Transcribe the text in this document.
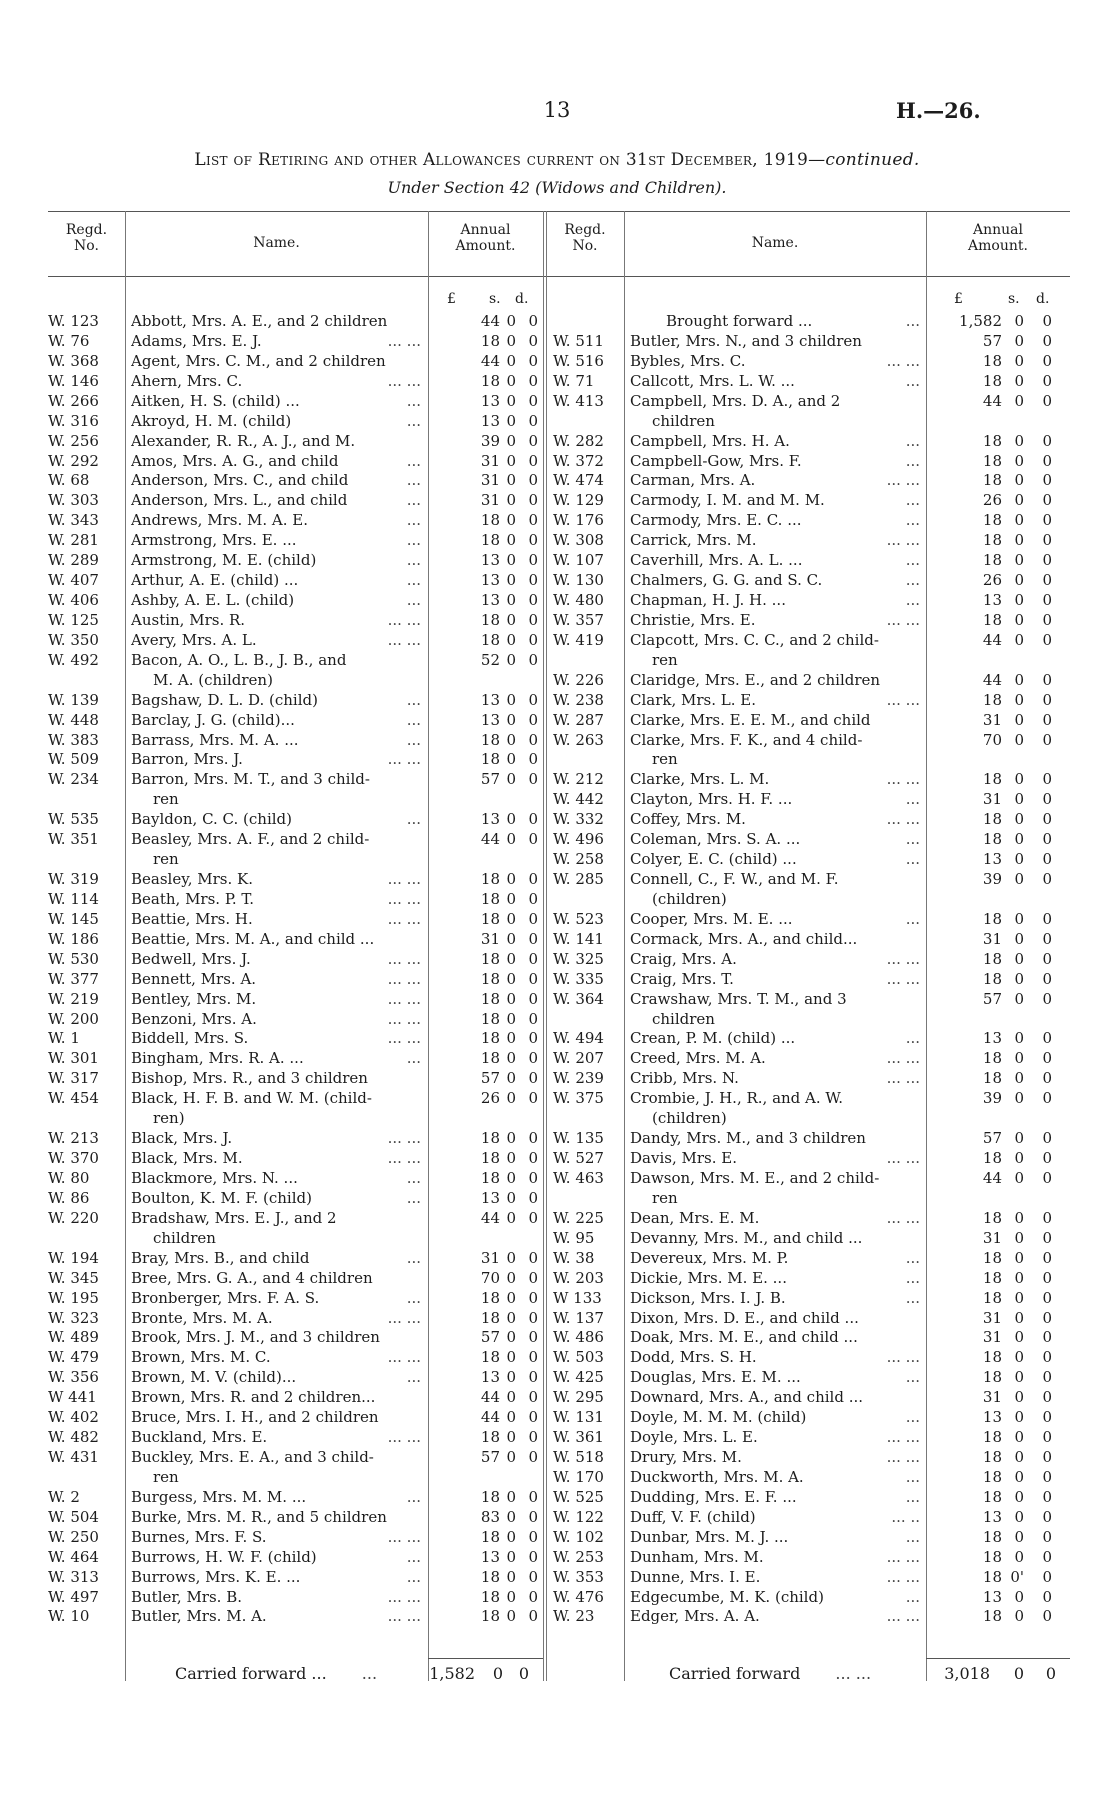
13	H.—26.
List of Retiring and other Allowances current on 31st December, 1919—continued.
Under Section 42 (Widows and Children).
Regd.
No.	Name.
Annual
Amount.
Regd.
No.	Name.
Annual
Amount.
£ s. d.	£	s. d.
W. 123 Abbott, Mrs. A. E., and 2 children	44 0 0
W. 76	Adams, Mrs. E. J.	... ...	18 0 0
W. 368 Agent, Mrs. C. M., and 2 children	44 0 0
W. 146 Ahern, Mrs. C.	... ...	18 0 0
W. 266 Aitken, H. S. (child) ...	...	13 0 0
W. 316 Akroyd, H. M. (child)	...	13 0 0
W. 256 Alexander, R. R., A. J., and M.	39 0 0
W. 292 Amos, Mrs. A. G., and child	...	31 0 0
W. 68	Anderson, Mrs. C., and child	...	31 0 0
W. 303 Anderson, Mrs. L., and child	...	31 0 0
W. 343 Andrews, Mrs. M. A. E.	...	18 0 0
W. 281 Armstrong, Mrs. E. ...	...	18 0 0
W. 289 Armstrong, M. E. (child)	...	13 0 0
W. 407 Arthur, A. E. (child) ...	...	13 0 0
W. 406 Ashby, A. E. L. (child)	...	13 0 0
W. 125 Austin, Mrs. R.	... ...	18 0 0
W. 350 Avery, Mrs. A. L.	... ...	18 0 0
W. 492 Bacon, A. O., L. B., J. B., and	52 0 0
M. A. (children)
W. 139 Bagshaw, D. L. D. (child)	...	13 0 0
W. 448 Barclay, J. G. (child)...	...	13 0 0
W. 383 Barrass, Mrs. M. A. ...	...	18 0 0
W. 509 Barron, Mrs. J.	... ...	18 0 0
W. 234 Barron, Mrs. M. T., and 3 child-	57 0 0
ren
W. 535 Bayldon, C. C. (child)	...	13 0 0
W. 351 Beasley, Mrs. A. F., and 2 child-	44 0 0
ren
W. 319 Beasley, Mrs. K.	... ...	18 0 0
W. 114 Beath, Mrs. P. T.	... ...	18 0 0
W. 145 Beattie, Mrs. H.	... ...	18 0 0
W. 186 Beattie, Mrs. M. A., and child ...	31 0 0
W. 530 Bedwell, Mrs. J.	... ...	18 0 0
W. 377 Bennett, Mrs. A.	... ...	18 0 0
W. 219 Bentley, Mrs. M.	... ...	18 0 0
W. 200 Benzoni, Mrs. A.	... ...	18 0 0
W. 1	Biddell, Mrs. S.	... ...	18 0 0
W. 301 Bingham, Mrs. R. A. ...	...	18 0 0
W. 317 Bishop, Mrs. R., and 3 children	57 0 0
W. 454 Black, H. F. B. and W. M. (child-	26 0 0
ren)
W. 213 Black, Mrs. J.	... ...	18 0 0
W. 370 Black, Mrs. M.	... ...	18 0 0
W. 80	Blackmore, Mrs. N. ...	...	18 0 0
W. 86	Boulton, K. M. F. (child)	...	13 0 0
W. 220 Bradshaw, Mrs. E. J., and 2	44 0 0
children
W. 194 Bray, Mrs. B., and child	...	31 0 0
W. 345 Bree, Mrs. G. A., and 4 children	70 0 0
W. 195 Bronberger, Mrs. F. A. S.	...	18 0 0
W. 323 Bronte, Mrs. M. A.	... ...	18 0 0
W. 489 Brook, Mrs. J. M., and 3 children	57 0 0
W. 479 Brown, Mrs. M. C.	... ...	18 0 0
W. 356 Brown, M. V. (child)...	...	13 0 0
W 441 Brown, Mrs. R. and 2 children...	44 0 0
W. 402 Bruce, Mrs. I. H., and 2 children	44 0 0
W. 482 Buckland, Mrs. E.	... ...	18 0 0
W. 431 Buckley, Mrs. E. A., and 3 child-	57 0 0
ren
W. 2	Burgess, Mrs. M. M. ...	...	18 0 0
W. 504 Burke, Mrs. M. R., and 5 children	83 0 0
W. 250 Burnes, Mrs. F. S.	... ...	18 0 0
W. 464 Burrows, H. W. F. (child)	...	13 0 0
W. 313 Burrows, Mrs. K. E. ...	...	18 0 0
W. 497 Butler, Mrs. B.	... ...	18 0 0
W. 10	Butler, Mrs. M. A.	... ...	18 0 0
Brought forward ...	...	1,582 0 0
W. 511 Butler, Mrs. N., and 3 children	57 0 0
W. 516 Bybles, Mrs. C.	... ...	18 0 0
W. 71 Callcott, Mrs. L. W. ...	...	18 0 0
W. 413 Campbell, Mrs. D. A., and 2	44 0 0
children
W. 282 Campbell, Mrs. H. A.	...	18 0 0
W. 372 Campbell-Gow, Mrs. F.	...	18 0 0
W. 474 Carman, Mrs. A.	... ...	18 0 0
W. 129 Carmody, I. M. and M. M.	...	26 0 0
W. 176 Carmody, Mrs. E. C. ...	...	18 0 0
W. 308 Carrick, Mrs. M.	... ...	18 0 0
W. 107 Caverhill, Mrs. A. L. ...	...	18 0 0
W. 130 Chalmers, G. G. and S. C.	...	26 0 0
W. 480 Chapman, H. J. H. ...	...	13 0 0
W. 357 Christie, Mrs. E.	... ...	18 0 0
W. 419 Clapcott, Mrs. C. C., and 2 child-	44 0 0
ren
W. 226 Claridge, Mrs. E., and 2 children	44 0 0
W. 238 Clark, Mrs. L. E.	... ...	18 0 0
W. 287 Clarke, Mrs. E. E. M., and child	31 0 0
W. 263 Clarke, Mrs. F. K., and 4 child-	70 0 0
ren
W. 212 Clarke, Mrs. L. M.	... ...	18 0 0
W. 442 Clayton, Mrs. H. F. ...	...	31 0 0
W. 332 Coffey, Mrs. M.	... ...	18 0 0
W. 496 Coleman, Mrs. S. A. ...	...	18 0 0
W. 258 Colyer, E. C. (child) ...	...	13 0 0
W. 285 Connell, C., F. W., and M. F.	39 0 0
(children)
W. 523 Cooper, Mrs. M. E. ...	...	18 0 0
W. 141 Cormack, Mrs. A., and child...	31 0 0
W. 325 Craig, Mrs. A.	... ...	18 0 0
W. 335 Craig, Mrs. T.	... ...	18 0 0
W. 364 Crawshaw, Mrs. T. M., and 3	57 0 0
children
W. 494 Crean, P. M. (child) ...	...	13 0 0
W. 207 Creed, Mrs. M. A.	... ...	18 0 0
W. 239 Cribb, Mrs. N.	... ...	18 0 0
W. 375 Crombie, J. H., R., and A. W.	39 0 0
(children)
W. 135 Dandy, Mrs. M., and 3 children	57 0 0
W. 527 Davis, Mrs. E.	... ...	18 0 0
W. 463 Dawson, Mrs. M. E., and 2 child-	44 0 0
ren
W. 225 Dean, Mrs. E. M.	... ...	18 0 0
W. 95 Devanny, Mrs. M., and child ...	31 0 0
W. 38 Devereux, Mrs. M. P.	...	18 0 0
W. 203 Dickie, Mrs. M. E. ...	...	18 0 0
W 133 Dickson, Mrs. I. J. B.	...	18 0 0
W. 137 Dixon, Mrs. D. E., and child ...	31 0 0
W. 486 Doak, Mrs. M. E., and child ...	31 0 0
W. 503 Dodd, Mrs. S. H.	... ...	18 0 0
W. 425 Douglas, Mrs. E. M. ...	...	18 0 0
W. 295 Downard, Mrs. A., and child ...	31 0 0
W. 131 Doyle, M. M. M. (child)	...	13 0 0
W. 361 Doyle, Mrs. L. E.	... ...	18 0 0
W. 518 Drury, Mrs. M.	... ...	18 0 0
W. 170 Duckworth, Mrs. M. A.	...	18 0 0
W. 525 Dudding, Mrs. E. F. ...	...	18 0 0
W. 122 Duff, V. F. (child)	... ..	13 0 0
W. 102 Dunbar, Mrs. M. J. ...	...	18 0 0
W. 253 Dunham, Mrs. M.	... ...	18 0 0
W. 353 Dunne, Mrs. I. E.	... ...	18 0' 0
W. 476 Edgecumbe, M. K. (child)	...	13 0 0
W. 23 Edger, Mrs. A. A.	... ...	18 0 0
Carried forward ... ...	1,582 0 0	Carried forward ... ...	3,018 0 0
